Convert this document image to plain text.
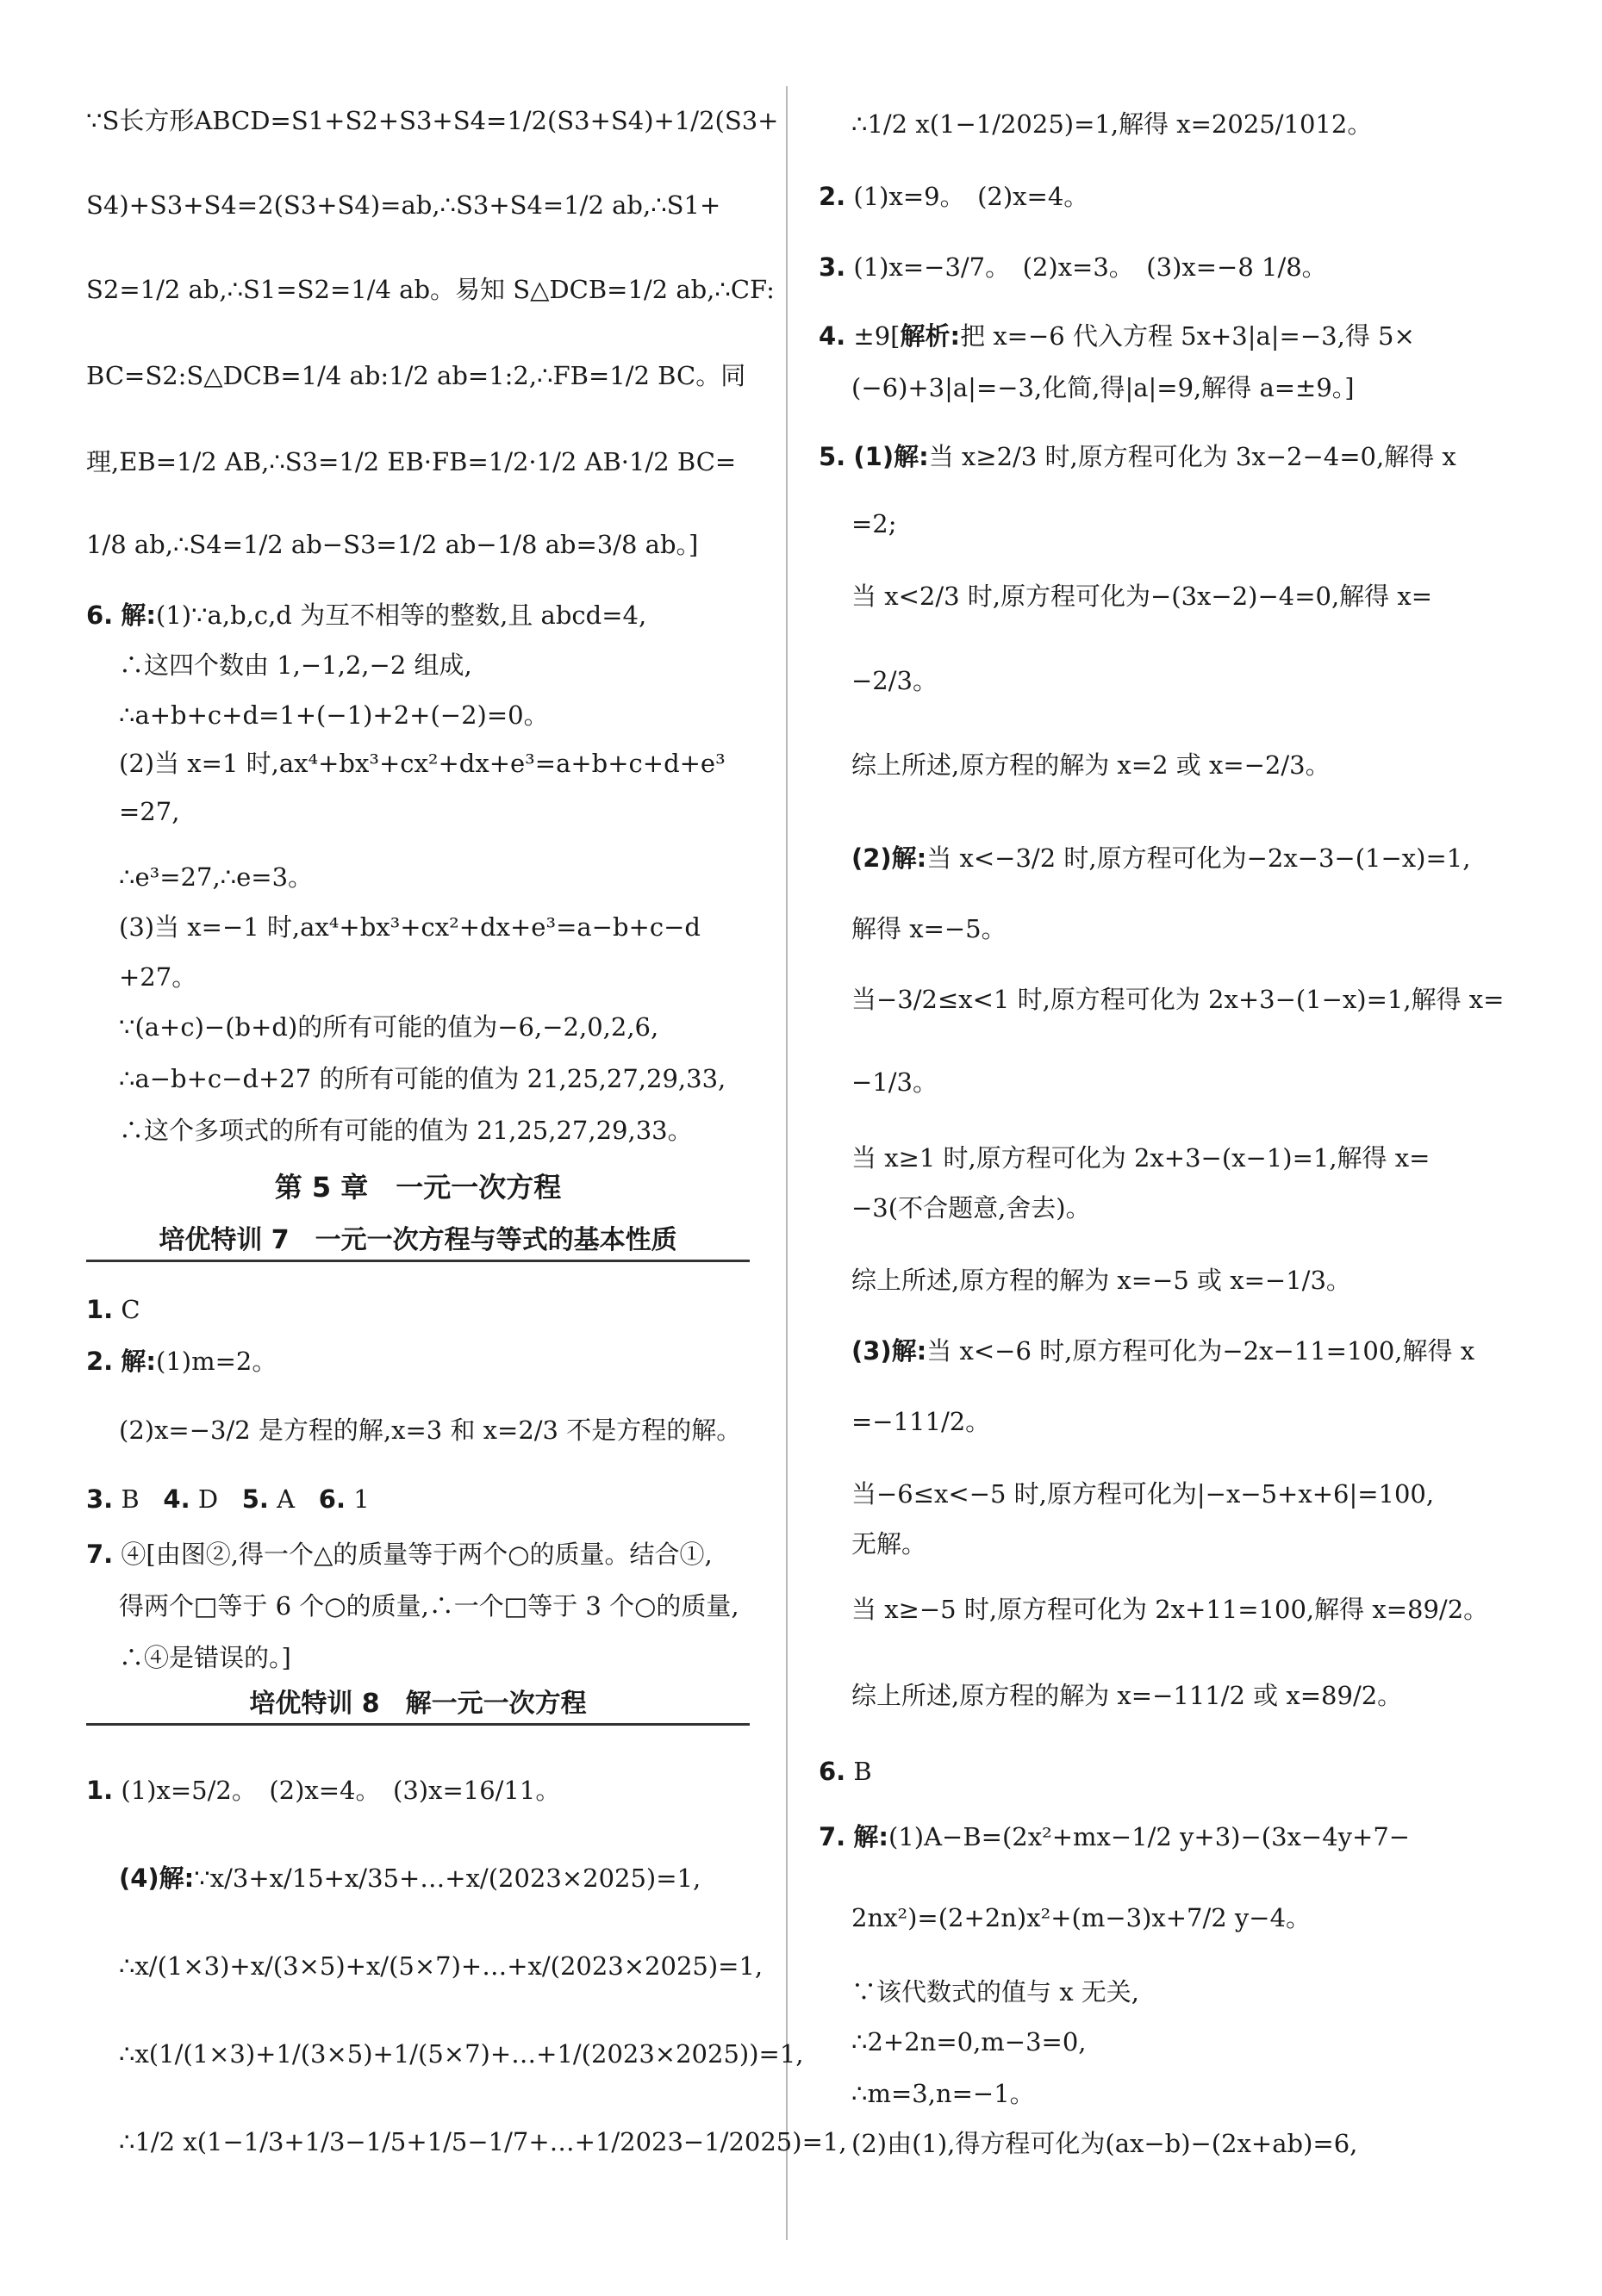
∵S长方形ABCD=S1+S2+S3+S4=1/2(S3+S4)+1/2(S3+
S4)+S3+S4=2(S3+S4)=ab,∴S3+S4=1/2 ab,∴S1+
S2=1/2 ab,∴S1=S2=1/4 ab。易知 S△DCB=1/2 ab,∴CF:
BC=S2:S△DCB=1/4 ab:1/2 ab=1:2,∴FB=1/2 BC。同
理,EB=1/2 AB,∴S3=1/2 EB·FB=1/2·1/2 AB·1/2 BC=
1/8 ab,∴S4=1/2 ab−S3=1/2 ab−1/8 ab=3/8 ab。]
6. 解:(1)∵a,b,c,d 为互不相等的整数,且 abcd=4,
∴这四个数由 1,−1,2,−2 组成,
∴a+b+c+d=1+(−1)+2+(−2)=0。
(2)当 x=1 时,ax⁴+bx³+cx²+dx+e³=a+b+c+d+e³
=27,
∴e³=27,∴e=3。
(3)当 x=−1 时,ax⁴+bx³+cx²+dx+e³=a−b+c−d
+27。
∵(a+c)−(b+d)的所有可能的值为−6,−2,0,2,6,
∴a−b+c−d+27 的所有可能的值为 21,25,27,29,33,
∴这个多项式的所有可能的值为 21,25,27,29,33。
第 5 章　一元一次方程
培优特训 7　一元一次方程与等式的基本性质
1. C
2. 解:(1)m=2。
(2)x=−3/2 是方程的解,x=3 和 x=2/3 不是方程的解。
3. B 4. D 5. A 6. 1
7. ④[由图②,得一个△的质量等于两个○的质量。结合①,
得两个□等于 6 个○的质量,∴一个□等于 3 个○的质量,
∴④是错误的。]
培优特训 8　解一元一次方程
1. (1)x=5/2。　(2)x=4。　(3)x=16/11。
(4)解:∵x/3+x/15+x/35+…+x/(2023×2025)=1,
∴x/(1×3)+x/(3×5)+x/(5×7)+…+x/(2023×2025)=1,
∴x(1/(1×3)+1/(3×5)+1/(5×7)+…+1/(2023×2025))=1,
∴1/2 x(1−1/3+1/3−1/5+1/5−1/7+…+1/2023−1/2025)=1,
∴1/2 x(1−1/2025)=1,解得 x=2025/1012。
2. (1)x=9。　(2)x=4。
3. (1)x=−3/7。　(2)x=3。　(3)x=−8 1/8。
4. ±9[解析:把 x=−6 代入方程 5x+3|a|=−3,得 5×
(−6)+3|a|=−3,化简,得|a|=9,解得 a=±9。]
5. (1)解:当 x≥2/3 时,原方程可化为 3x−2−4=0,解得 x
=2;
当 x<2/3 时,原方程可化为−(3x−2)−4=0,解得 x=
−2/3。
综上所述,原方程的解为 x=2 或 x=−2/3。
(2)解:当 x<−3/2 时,原方程可化为−2x−3−(1−x)=1,
解得 x=−5。
当−3/2≤x<1 时,原方程可化为 2x+3−(1−x)=1,解得 x=
−1/3。
当 x≥1 时,原方程可化为 2x+3−(x−1)=1,解得 x=
−3(不合题意,舍去)。
综上所述,原方程的解为 x=−5 或 x=−1/3。
(3)解:当 x<−6 时,原方程可化为−2x−11=100,解得 x
=−111/2。
当−6≤x<−5 时,原方程可化为|−x−5+x+6|=100,
无解。
当 x≥−5 时,原方程可化为 2x+11=100,解得 x=89/2。
综上所述,原方程的解为 x=−111/2 或 x=89/2。
6. B
7. 解:(1)A−B=(2x²+mx−1/2 y+3)−(3x−4y+7−
2nx²)=(2+2n)x²+(m−3)x+7/2 y−4。
∵该代数式的值与 x 无关,
∴2+2n=0,m−3=0,
∴m=3,n=−1。
(2)由(1),得方程可化为(ax−b)−(2x+ab)=6,
